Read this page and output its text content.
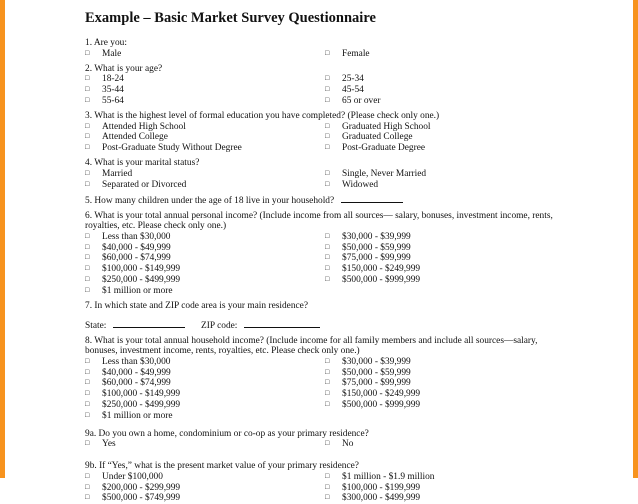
Example – Basic Market Survey Questionnaire
1. Are you:
□ Male	□ Female
2. What is your age?
□ 18-24	□ 25-34
□ 35-44	□ 45-54
□ 55-64	□ 65 or over
3. What is the highest level of formal education you have completed? (Please check only one.)
□ Attended High School	□ Graduated High School
□ Attended College	□ Graduated College
□ Post-Graduate Study Without Degree	□ Post-Graduate Degree
4. What is your marital status?
□ Married	□ Single, Never Married
□ Separated or Divorced	□ Widowed
5. How many children under the age of 18 live in your household?
6. What is your total annual personal income? (Include income from all sources— salary, bonuses, investment income, rents, royalties, etc. Please check only one.)
□ Less than $30,000	□ $30,000 - $39,999
□ $40,000 - $49,999	□ $50,000 - $59,999
□ $60,000 - $74,999	□ $75,000 - $99,999
□ $100,000 - $149,999	□ $150,000 - $249,999
□ $250,000 - $499,999	□ $500,000 - $999,999
□ $1 million or more
7. In which state and ZIP code area is your main residence?
State:	ZIP code:
8. What is your total annual household income? (Include income for all family members and include all sources—salary, bonuses, investment income, rents, royalties, etc. Please check only one.)
□ Less than $30,000	□ $30,000 - $39,999
□ $40,000 - $49,999	□ $50,000 - $59,999
□ $60,000 - $74,999	□ $75,000 - $99,999
□ $100,000 - $149,999	□ $150,000 - $249,999
□ $250,000 - $499,999	□ $500,000 - $999,999
□ $1 million or more
9a. Do you own a home, condominium or co-op as your primary residence?
□ Yes	□ No
9b. If “Yes,” what is the present market value of your primary residence?
□ Under $100,000	□ $1 million - $1.9 million
□ $200,000 - $299,999	□ $100,000 - $199,999
□ $500,000 - $749,999	□ $300,000 - $499,999
